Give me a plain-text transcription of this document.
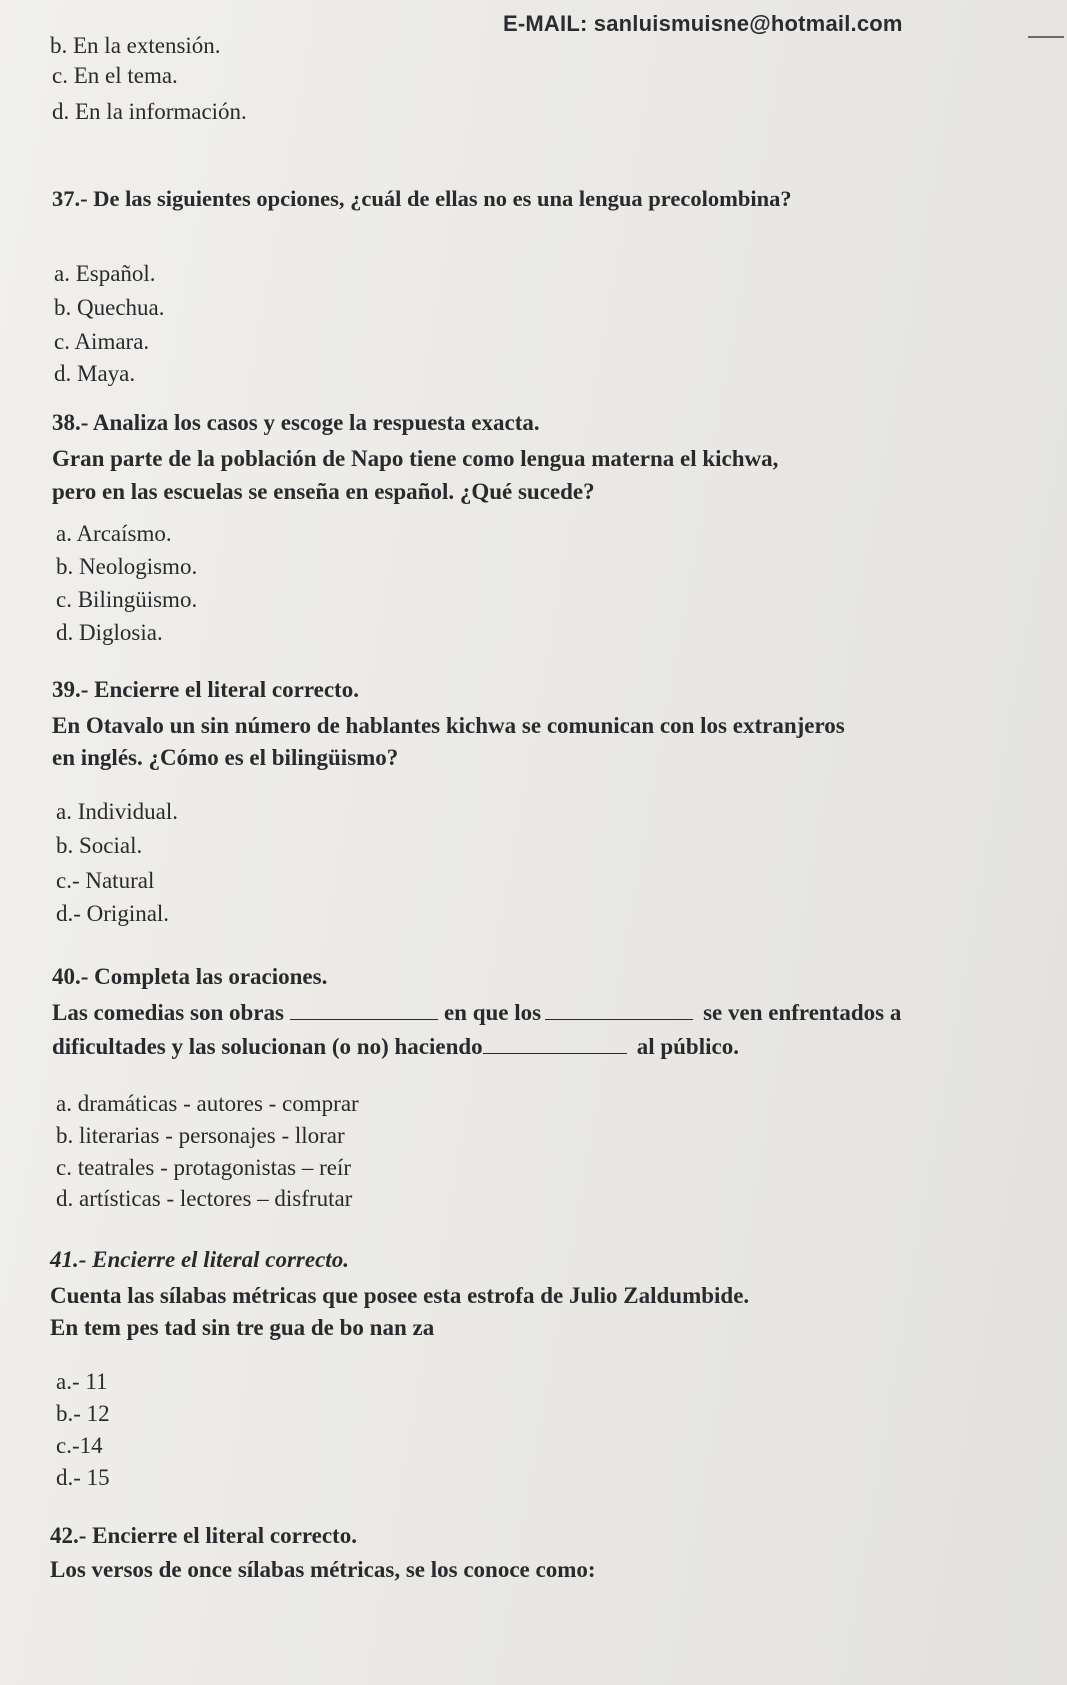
E-MAIL: sanluismuisne@hotmail.com
b. En la extensión.
c. En el tema.
d. En la información.
37.- De las siguientes opciones, ¿cuál de ellas no es una lengua precolombina?
a. Español.
b. Quechua.
c. Aimara.
d. Maya.
38.- Analiza los casos y escoge la respuesta exacta.
Gran parte de la población de Napo tiene como lengua materna el kichwa,
pero en las escuelas se enseña en español. ¿Qué sucede?
a. Arcaísmo.
b. Neologismo.
c. Bilingüismo.
d. Diglosia.
39.- Encierre el literal correcto.
En Otavalo un sin número de hablantes kichwa se comunican con los extranjeros
en inglés. ¿Cómo es el bilingüismo?
a. Individual.
b. Social.
c.- Natural
d.- Original.
40.- Completa las oraciones.
Las comedias son obras	en que los	se ven enfrentados a
dificultades y las solucionan (o no) haciendo	al público.
a. dramáticas - autores - comprar
b. literarias - personajes - llorar
c. teatrales - protagonistas – reír
d. artísticas - lectores – disfrutar
41.- Encierre el literal correcto.
Cuenta las sílabas métricas que posee esta estrofa de Julio Zaldumbide.
En tem pes tad sin tre gua de bo nan za
a.- 11
b.- 12
c.-14
d.- 15
42.- Encierre el literal correcto.
Los versos de once sílabas métricas, se los conoce como:
